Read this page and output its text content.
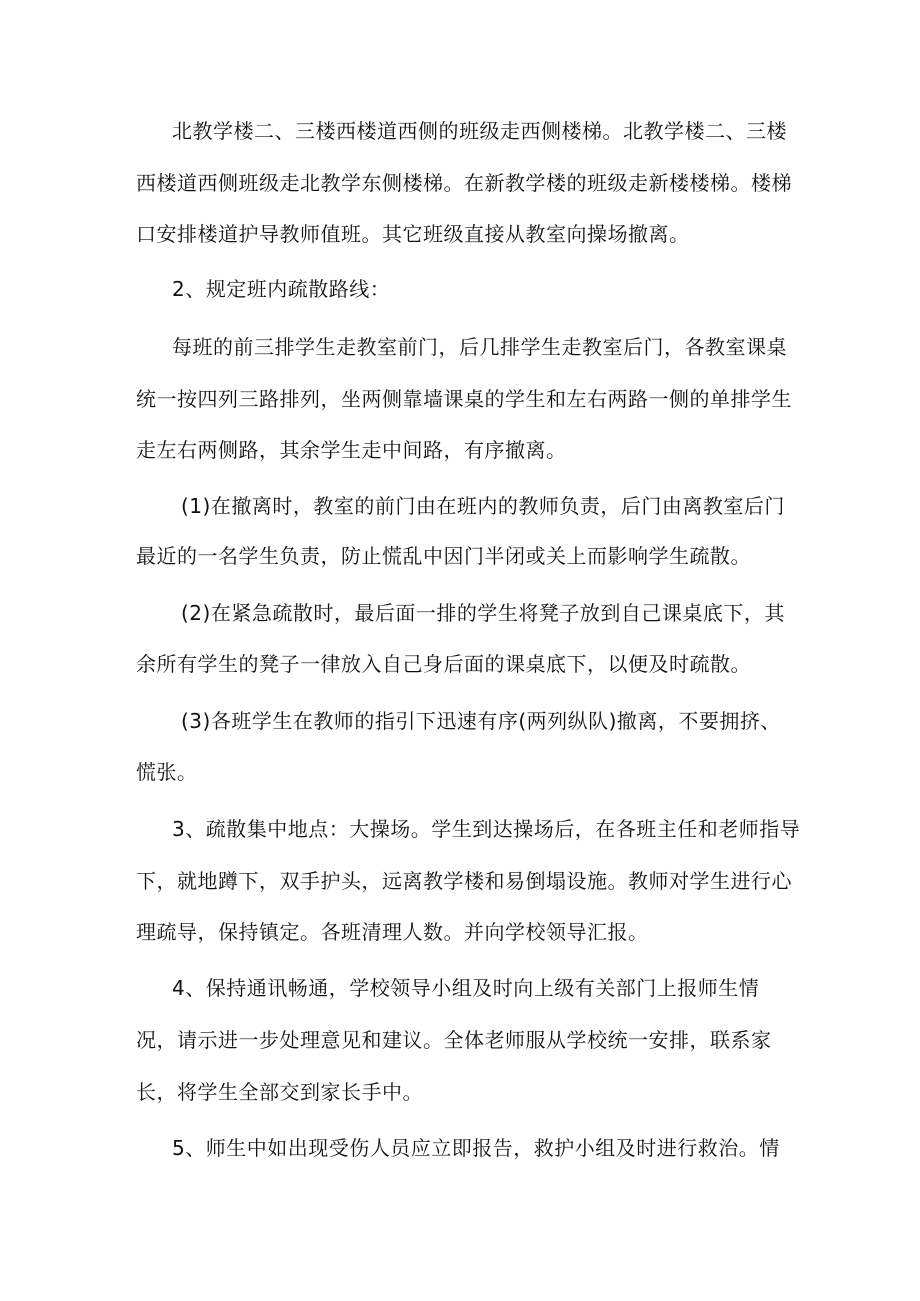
北教学楼二、三楼西楼道西侧的班级走西侧楼梯。北教学楼二、三楼
西楼道西侧班级走北教学东侧楼梯。在新教学楼的班级走新楼楼梯。楼梯
口安排楼道护导教师值班。其它班级直接从教室向操场撤离。
2、规定班内疏散路线：
每班的前三排学生走教室前门，后几排学生走教室后门，各教室课桌
统一按四列三路排列，坐两侧靠墙课桌的学生和左右两路一侧的单排学生
走左右两侧路，其余学生走中间路，有序撤离。
(1)在撤离时，教室的前门由在班内的教师负责，后门由离教室后门
最近的一名学生负责，防止慌乱中因门半闭或关上而影响学生疏散。
(2)在紧急疏散时，最后面一排的学生将凳子放到自己课桌底下，其
余所有学生的凳子一律放入自己身后面的课桌底下，以便及时疏散。
(3)各班学生在教师的指引下迅速有序(两列纵队)撤离，不要拥挤、
慌张。
3、疏散集中地点：大操场。学生到达操场后，在各班主任和老师指导
下，就地蹲下，双手护头，远离教学楼和易倒塌设施。教师对学生进行心
理疏导，保持镇定。各班清理人数。并向学校领导汇报。
4、保持通讯畅通，学校领导小组及时向上级有关部门上报师生情
况，请示进一步处理意见和建议。全体老师服从学校统一安排，联系家
长，将学生全部交到家长手中。
5、师生中如出现受伤人员应立即报告，救护小组及时进行救治。情
